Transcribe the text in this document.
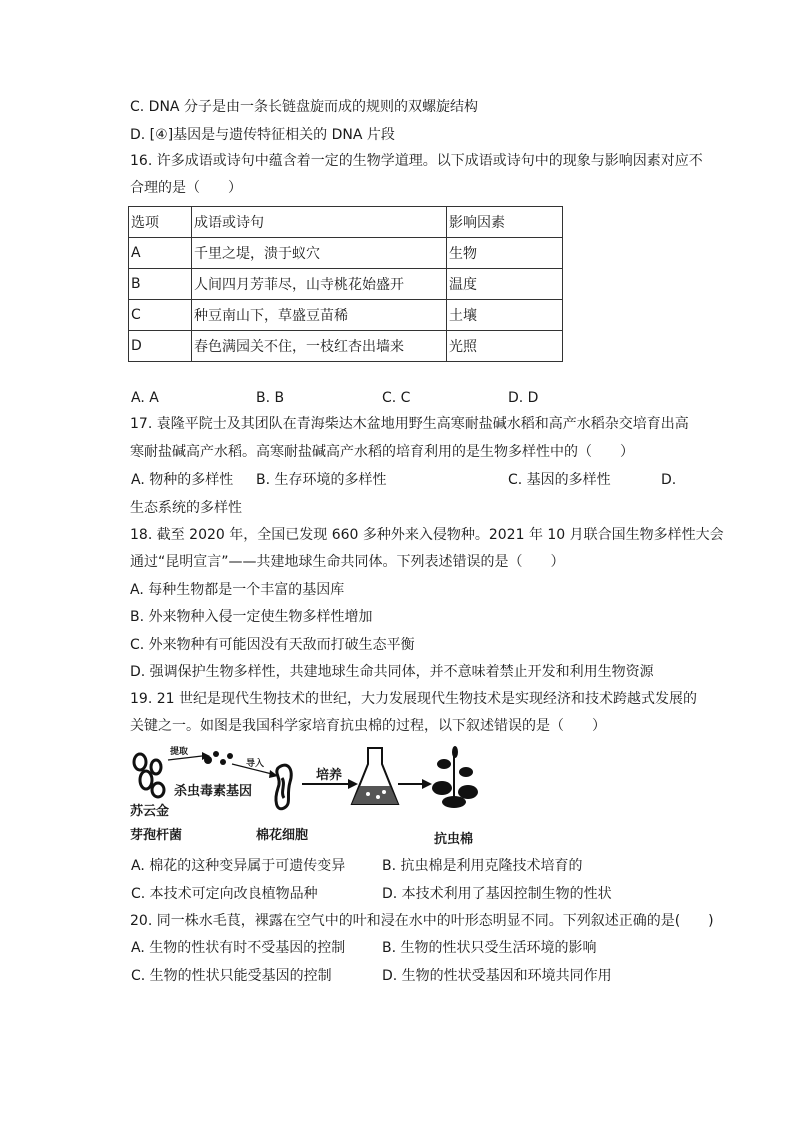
C. DNA 分子是由一条长链盘旋而成的规则的双螺旋结构
D. [④]基因是与遗传特征相关的 DNA 片段
16. 许多成语或诗句中蕴含着一定的生物学道理。以下成语或诗句中的现象与影响因素对应不
合理的是（　　）
选项	成语或诗句	影响因素
A	千里之堤，溃于蚁穴	生物
B	人间四月芳菲尽，山寺桃花始盛开	温度
C	种豆南山下，草盛豆苗稀	土壤
D	春色满园关不住，一枝红杏出墙来	光照
A. A	B. B	C. C	D. D
17. 袁隆平院士及其团队在青海柴达木盆地用野生高寒耐盐碱水稻和高产水稻杂交培育出高
寒耐盐碱高产水稻。高寒耐盐碱高产水稻的培育利用的是生物多样性中的（　　）
A. 物种的多样性 B. 生存环境的多样性	C. 基因的多样性	D.
生态系统的多样性
18. 截至 2020 年，全国已发现 660 多种外来入侵物种。2021 年 10 月联合国生物多样性大会
通过“昆明宣言”——共建地球生命共同体。下列表述错误的是（　　）
A. 每种生物都是一个丰富的基因库
B. 外来物种入侵一定使生物多样性增加
C. 外来物种有可能因没有天敌而打破生态平衡
D. 强调保护生物多样性，共建地球生命共同体，并不意味着禁止开发和利用生物资源
19. 21 世纪是现代生物技术的世纪，大力发展现代生物技术是实现经济和技术跨越式发展的
关键之一。如图是我国科学家培育抗虫棉的过程，以下叙述错误的是（　　）
提取
杀虫毒素基因
导入
培养
苏云金
芽孢杆菌	棉花细胞	抗虫棉
A. 棉花的这种变异属于可遗传变异	B. 抗虫棉是利用克隆技术培育的
C. 本技术可定向改良植物品种	D. 本技术利用了基因控制生物的性状
20. 同一株水毛茛，裸露在空气中的叶和浸在水中的叶形态明显不同。下列叙述正确的是(　　)
A. 生物的性状有时不受基因的控制	B. 生物的性状只受生活环境的影响
C. 生物的性状只能受基因的控制	D. 生物的性状受基因和环境共同作用
